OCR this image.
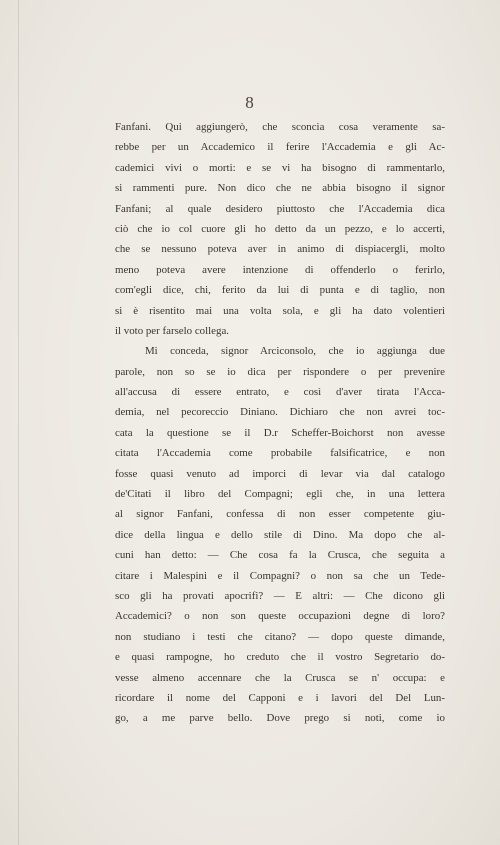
8
Fanfani. Qui aggiungerò, che sconcia cosa veramente sa-
rebbe per un Accademico il ferire l'Accademia e gli Ac-
cademici vivi o morti: e se vi ha bisogno di rammentarlo,
si rammenti pure. Non dico che ne abbia bisogno il signor
Fanfani; al quale desidero piuttosto che l'Accademia dica
ciò che io col cuore gli ho detto da un pezzo, e lo accerti,
che se nessuno poteva aver in animo di dispiacergli, molto
meno poteva avere intenzione di offenderlo o ferirlo,
com'egli dice, chi, ferito da lui di punta e di taglio, non
si è risentito mai una volta sola, e gli ha dato volentieri
il voto per farselo collega.
Mi conceda, signor Arciconsolo, che io aggiunga due
parole, non so se io dica per rispondere o per prevenire
all'accusa di essere entrato, e così d'aver tirata l'Acca-
demia, nel pecoreccio Diniano. Dichiaro che non avrei toc-
cata la questione se il D.r Scheffer-Boichorst non avesse
citata l'Accademia come probabile falsificatrice, e non
fosse quasi venuto ad imporci di levar via dal catalogo
de'Citati il libro del Compagni; egli che, in una lettera
al signor Fanfani, confessa di non esser competente giu-
dice della lingua e dello stile di Dino. Ma dopo che al-
cuni han detto: — Che cosa fa la Crusca, che seguita a
citare i Malespini e il Compagni? o non sa che un Tede-
sco gli ha provati apocrifi? — E altri: — Che dicono gli
Accademici? o non son queste occupazioni degne di loro?
non studiano i testi che citano? — dopo queste dimande,
e quasi rampogne, ho creduto che il vostro Segretario do-
vesse almeno accennare che la Crusca se n' occupa: e
ricordare il nome del Capponi e i lavori del Del Lun-
go, a me parve bello. Dove prego si noti, come io
